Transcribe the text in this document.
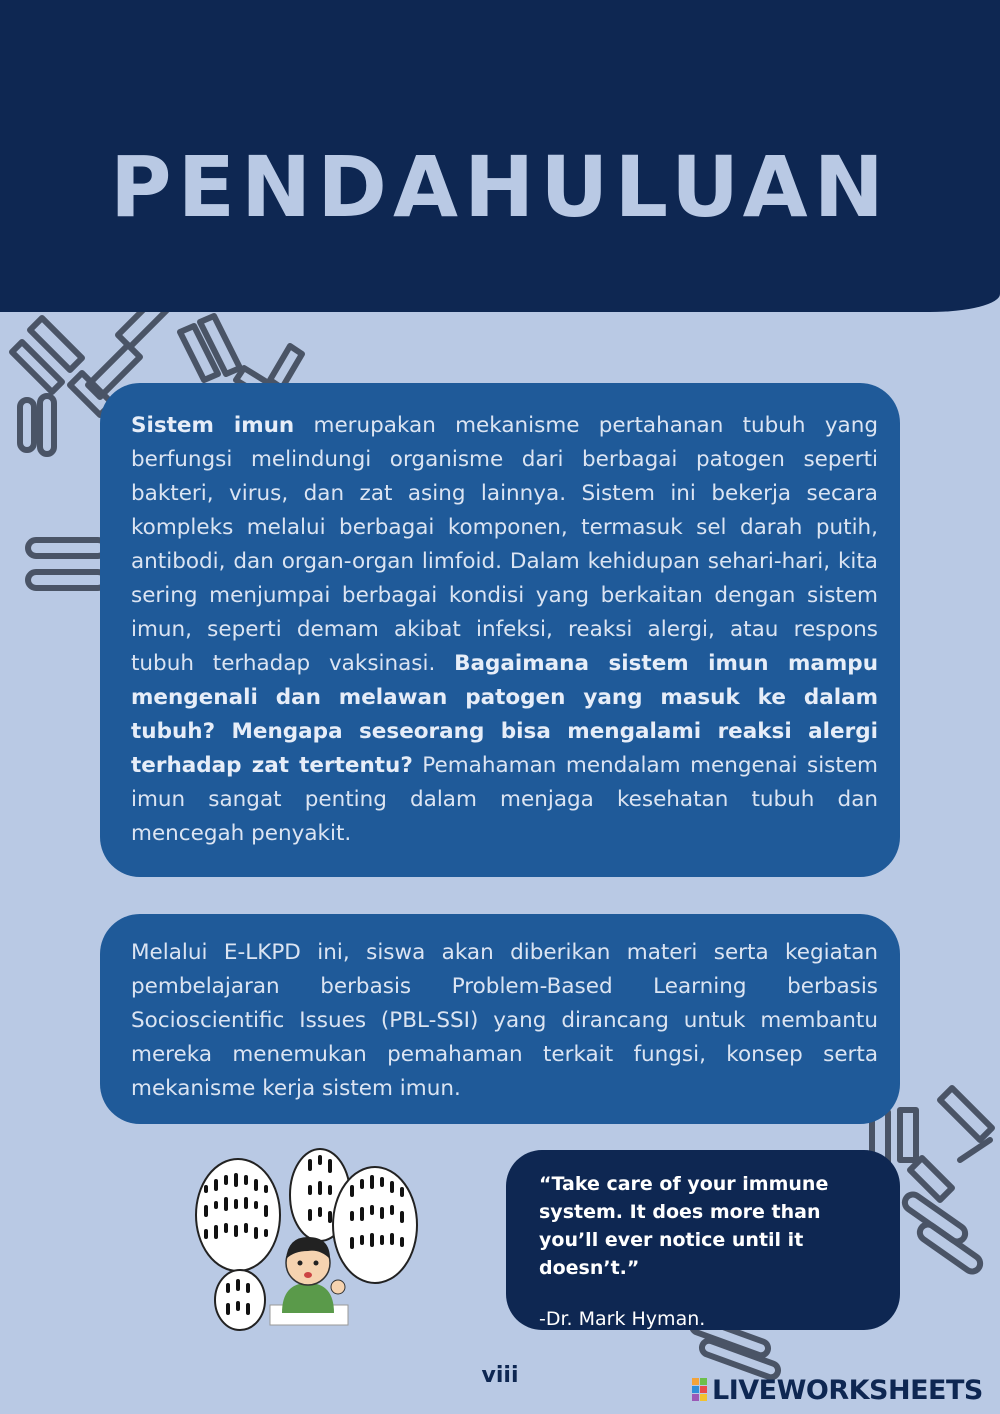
PENDAHULUAN
Sistem imun merupakan mekanisme pertahanan tubuh yang berfungsi melindungi organisme dari berbagai patogen seperti bakteri, virus, dan zat asing lainnya. Sistem ini bekerja secara kompleks melalui berbagai komponen, termasuk sel darah putih, antibodi, dan organ-organ limfoid. Dalam kehidupan sehari-hari, kita sering menjumpai berbagai kondisi yang berkaitan dengan sistem imun, seperti demam akibat infeksi, reaksi alergi, atau respons tubuh terhadap vaksinasi. Bagaimana sistem imun mampu mengenali dan melawan patogen yang masuk ke dalam tubuh? Mengapa seseorang bisa mengalami reaksi alergi terhadap zat tertentu? Pemahaman mendalam mengenai sistem imun sangat penting dalam menjaga kesehatan tubuh dan mencegah penyakit.
Melalui E-LKPD ini, siswa akan diberikan materi serta kegiatan pembelajaran berbasis Problem-Based Learning berbasis Socioscientific Issues (PBL-SSI) yang dirancang untuk membantu mereka menemukan pemahaman terkait fungsi, konsep serta mekanisme kerja sistem imun.
“Take care of your immune system. It does more than you’ll ever notice until it doesn’t.”
-Dr. Mark Hyman.
viii	LIVEWORKSHEETS
